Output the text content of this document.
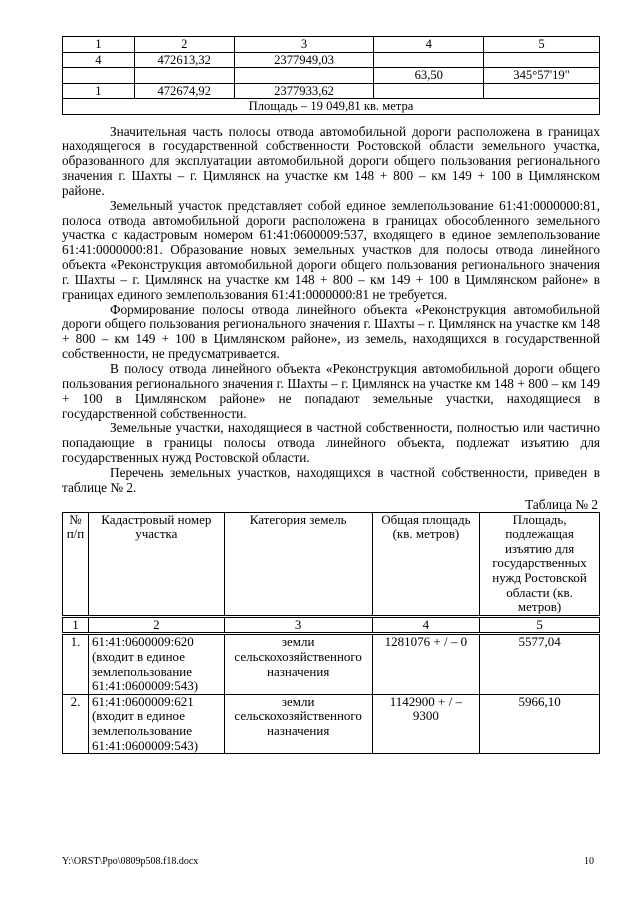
1	2	3	4	5
4	472613,32	2377949,03		
			63,50	345°57'19"
1	472674,92	2377933,62		
Площадь – 19 049,81 кв. метра				

Значительная часть полосы отвода автомобильной дороги расположена в границах находящегося в государственной собственности Ростовской области земельного участка, образованного для эксплуатации автомобильной дороги общего пользования регионального значения г. Шахты – г. Цимлянск на участке км 148 + 800 – км 149 + 100 в Цимлянском районе.

Земельный участок представляет собой единое землепользование 61:41:0000000:81, полоса отвода автомобильной дороги расположена в границах обособленного земельного участка с кадастровым номером 61:41:0600009:537, входящего в единое землепользование 61:41:0000000:81. Образование новых земельных участков для полосы отвода линейного объекта «Реконструкция автомобильной дороги общего пользования регионального значения г. Шахты – г. Цимлянск на участке км 148 + 800 – км 149 + 100 в Цимлянском районе» в границах единого землепользования 61:41:0000000:81 не требуется.

Формирование полосы отвода линейного объекта «Реконструкция автомобильной дороги общего пользования регионального значения г. Шахты – г. Цимлянск на участке км 148 + 800 – км 149 + 100 в Цимлянском районе», из земель, находящихся в государственной собственности, не предусматривается.

В полосу отвода линейного объекта «Реконструкция автомобильной дороги общего пользования регионального значения г. Шахты – г. Цимлянск на участке км 148 + 800 – км 149 + 100 в Цимлянском районе» не попадают земельные участки, находящиеся в государственной собственности.

Земельные участки, находящиеся в частной собственности, полностью или частично попадающие в границы полосы отвода линейного объекта, подлежат изъятию для государственных нужд Ростовской области.

Перечень земельных участков, находящихся в частной собственности, приведен в таблице № 2.

Таблица № 2
№ п/п	Кадастровый номер участка	Категория земель	Общая площадь (кв. метров)	Площадь, подлежащая изъятию для государственных нужд Ростовской области (кв. метров)
1	2	3	4	5
1.	61:41:0600009:620 (входит в единое землепользование 61:41:0600009:543)	земли сельскохозяйственного назначения	1281076 + / – 0	5577,04
2.	61:41:0600009:621 (входит в единое землепользование 61:41:0600009:543)	земли сельскохозяйственного назначения	1142900 + / – 9300	5966,10
Y:\ORST\Ppo\0809p508.f18.docx	10
